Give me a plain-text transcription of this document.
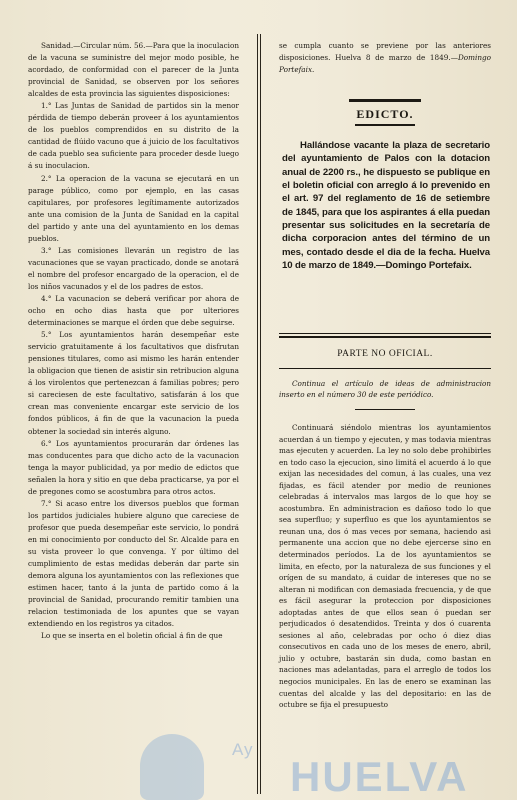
Sanidad.—Circular núm. 56.—Para que la inoculacion de la vacuna se suministre del mejor modo posible, he acordado, de conformidad con el parecer de la Junta provincial de Sanidad, se observen por los señores alcaldes de esta provincia las siguientes disposiciones:

1.° Las Juntas de Sanidad de partidos sin la menor pérdida de tiempo deberán proveer á los ayuntamientos de los pueblos comprendidos en su distrito de la cantidad de flúido vacuno que á juicio de los facultativos de cada pueblo sea suficiente para proceder desde luego á su inoculacion.

2.° La operacion de la vacuna se ejecutará en un parage público, como por ejemplo, en las casas capitulares, por profesores legítimamente autorizados ante una comision de la Junta de Sanidad en la capital del partido y ante una del ayuntamiento en los demas pueblos.

3.° Las comisiones llevarán un registro de las vacunaciones que se vayan practicado, donde se anotará el nombre del profesor encargado de la operacion, el de los niños vacunados y el de los padres de estos.

4.° La vacunacion se deberá verificar por ahora de ocho en ocho dias hasta que por ulteriores determinaciones se marque el órden que debe seguirse.

5.° Los ayuntamientos harán desempeñar este servicio gratuitamente á los facultativos que disfrutan pensiones titulares, como asi mismo les harán entender la obligacion que tienen de asistir sin retribucion alguna á los virolentos que pertenezcan á familias pobres; pero si careciesen de este facultativo, satisfarán á los que crean mas conveniente encargar este servicio de los fondos públicos, á fin de que la vacunacion la pueda obtener la sociedad sin interés alguno.

6.° Los ayuntamientos procurarán dar órdenes las mas conducentes para que dicho acto de la vacunacion tenga la mayor publicidad, ya por medio de edictos que señalen la hora y sitio en que deba practicarse, ya por el de pregones como se acostumbra para otros actos.

7.° Si acaso entre los diversos pueblos que forman los partidos judiciales hubiere alguno que careciese de profesor que pueda desempeñar este servicio, lo pondrá en mi conocimiento por conducto del Sr. Alcalde para en su vista proveer lo que convenga. Y por último del cumplimiento de estas medidas deberán dar parte sin demora alguna los ayuntamientos con las reflexiones que estimen hacer, tanto á la junta de partido como á la provincial de Sanidad, procurando remitir tambien una relacion testimoniada de los apuntes que se vayan extendiendo en los registros ya citados.

Lo que se inserta en el boletin oficial á fin de que

se cumpla cuanto se previene por las anteriores disposiciones. Huelva 8 de marzo de 1849.—Domingo Portefaix.

EDICTO.

Hallándose vacante la plaza de secretario del ayuntamiento de Palos con la dotacion anual de 2200 rs., he dispuesto se publique en el boletin oficial con arreglo á lo prevenido en el art. 97 del reglamento de 16 de setiembre de 1845, para que los aspirantes á ella puedan presentar sus solicitudes en la secretaría de dicha corporacion antes del término de un mes, contado desde el dia de la fecha. Huelva 10 de marzo de 1849.—Domingo Portefaix.

PARTE NO OFICIAL.

Continua el artículo de ideas de administracion inserto en el número 30 de este periódico.

Continuará siéndolo mientras los ayuntamientos acuerdan á un tiempo y ejecuten, y mas todavia mientras mas ejecuten y acuerden. La ley no solo debe prohibirles en todo caso la ejecucion, sino limitá el acuerdo á lo que exijan las necesidades del comun, á las cuales, una vez fijadas, es fácil atender por medio de reuniones celebradas á intervalos mas largos de lo que hoy se acostumbra. En administracion es dañoso todo lo que sea superfluo; y superfluo es que los ayuntamientos se reunan una, dos ó mas veces por semana, haciendo asi permanente una accion que no debe ejercerse sino en determinados períodos. La de los ayuntamientos se limita, en efecto, por la naturaleza de sus funciones y el orígen de su mandato, á cuidar de intereses que no se alteran ni modifican con demasiada frecuencia, y de que es fácil asegurar la proteccion por disposiciones adoptadas antes de que ellos sean ó puedan ser perjudicados ó desatendidos. Treinta y dos ó cuarenta sesiones al año, celebradas por ocho ó diez dias consecutivos en cada uno de los meses de enero, abril, julio y octubre, bastarán sin duda, como bastan en naciones mas adelantadas, para el arreglo de todos los negocios municipales. En las de enero se examinan las cuentas del alcalde y las del depositario: en las de octubre se fija el presupuesto

Ay
HUELVA
